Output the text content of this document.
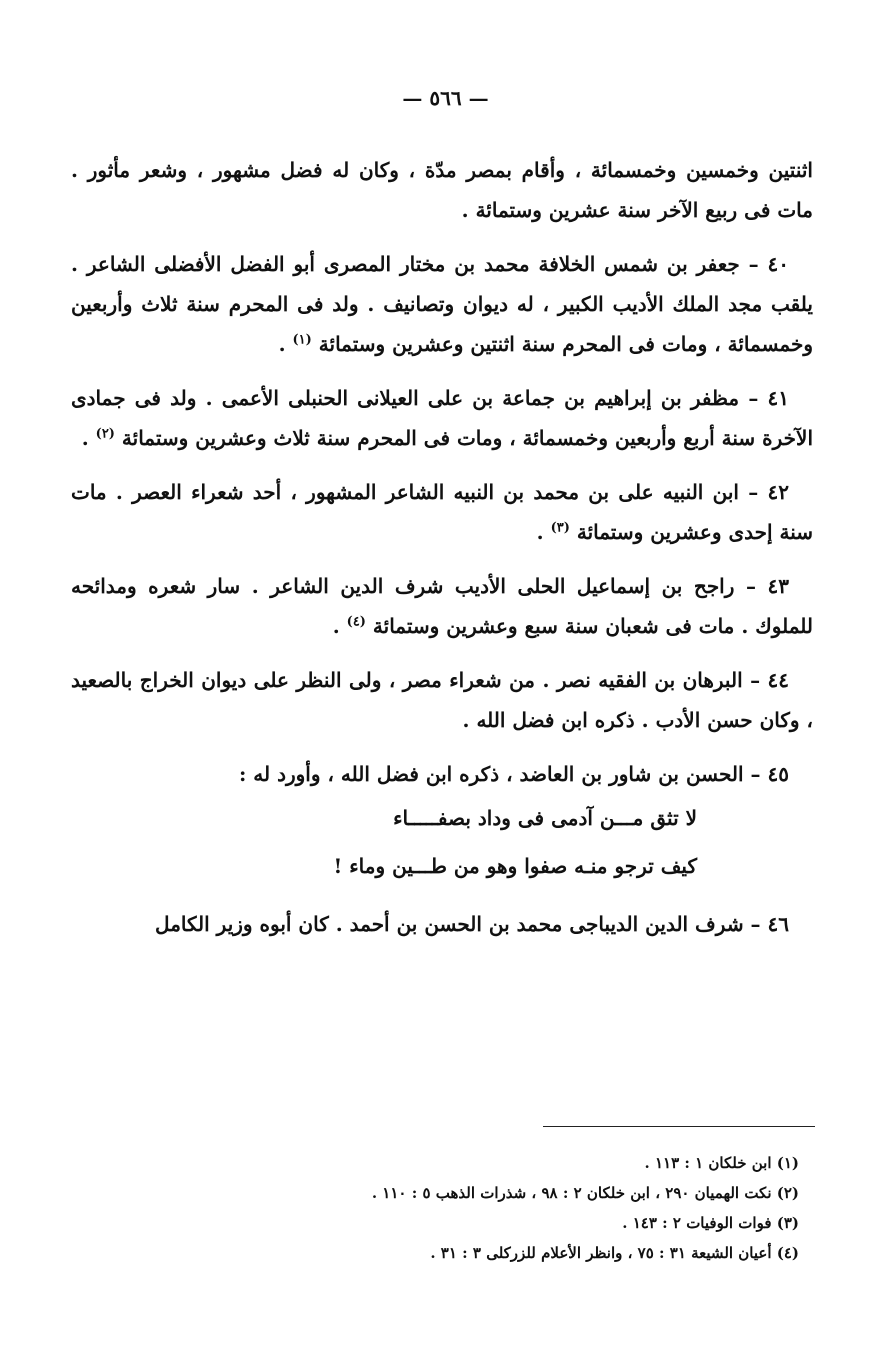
— ٥٦٦ —

اثنتين وخمسين وخمسمائة ، وأقام بمصر مدّة ، وكان له فضل مشهور ، وشعر مأثور . مات فى ربيع الآخر سنة عشرين وستمائة .

٤٠ – جعفر بن شمس الخلافة محمد بن مختار المصرى أبو الفضل الأفضلى الشاعر . يلقب مجد الملك الأديب الكبير ، له ديوان وتصانيف . ولد فى المحرم سنة ثلاث وأربعين وخمسمائة ، ومات فى المحرم سنة اثنتين وعشرين وستمائة $^{(١)}$ .

٤١ – مظفر بن إبراهيم بن جماعة بن على العيلانى الحنبلى الأعمى . ولد فى جمادى الآخرة سنة أربع وأربعين وخمسمائة ، ومات فى المحرم سنة ثلاث وعشرين وستمائة $^{(٢)}$ .

٤٢ – ابن النبيه على بن محمد بن النبيه الشاعر المشهور ، أحد شعراء العصر . مات سنة إحدى وعشرين وستمائة $^{(٣)}$ .

٤٣ – راجح بن إسماعيل الحلى الأديب شرف الدين الشاعر . سار شعره ومدائحه للملوك . مات فى شعبان سنة سبع وعشرين وستمائة $^{(٤)}$ .

٤٤ – البرهان بن الفقيه نصر . من شعراء مصر ، ولى النظر على ديوان الخراج بالصعيد ، وكان حسن الأدب . ذكره ابن فضل الله .

٤٥ – الحسن بن شاور بن العاضد ، ذكره ابن فضل الله ، وأورد له :

لا تثق مـــن آدمى فى وداد بصفـــــاء
كيف ترجو منـه صفوا وهو من طـــين وماء !

٤٦ – شرف الدين الديباجى محمد بن الحسن بن أحمد . كان أبوه وزير الكامل

(١) ابن خلكان ١ : ١١٣ .

(٢) نكت الهميان ٢٩٠ ، ابن خلكان ٢ : ٩٨ ، شذرات الذهب ٥ : ١١٠ .

(٣) فوات الوفيات ٢ : ١٤٣ .

(٤) أعيان الشيعة ٣١ : ٧٥ ، وانظر الأعلام للزركلى ٣ : ٣١ .
